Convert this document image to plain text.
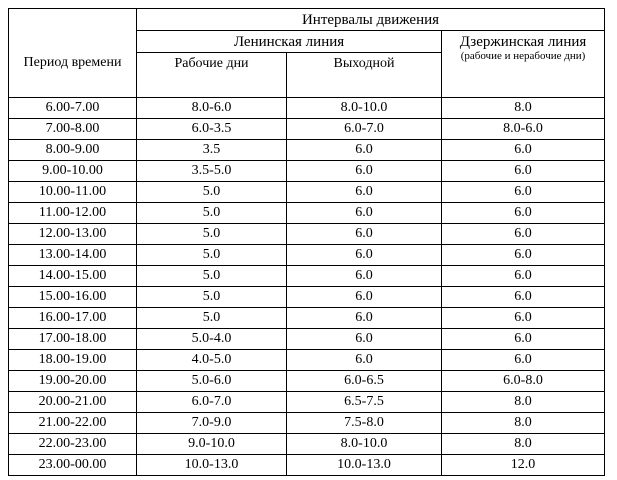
Период времени	Интервалы движения		
	Ленинская линия		Дзержинская линия
(рабочие и нерабочие дни)

	Рабочие дни	Выходной	
6.00-7.00	8.0-6.0	8.0-10.0	8.0
7.00-8.00	6.0-3.5	6.0-7.0	8.0-6.0
8.00-9.00	3.5	6.0	6.0
9.00-10.00	3.5-5.0	6.0	6.0
10.00-11.00	5.0	6.0	6.0
11.00-12.00	5.0	6.0	6.0
12.00-13.00	5.0	6.0	6.0
13.00-14.00	5.0	6.0	6.0
14.00-15.00	5.0	6.0	6.0
15.00-16.00	5.0	6.0	6.0
16.00-17.00	5.0	6.0	6.0
17.00-18.00	5.0-4.0	6.0	6.0
18.00-19.00	4.0-5.0	6.0	6.0
19.00-20.00	5.0-6.0	6.0-6.5	6.0-8.0
20.00-21.00	6.0-7.0	6.5-7.5	8.0
21.00-22.00	7.0-9.0	7.5-8.0	8.0
22.00-23.00	9.0-10.0	8.0-10.0	8.0
23.00-00.00	10.0-13.0	10.0-13.0	12.0
